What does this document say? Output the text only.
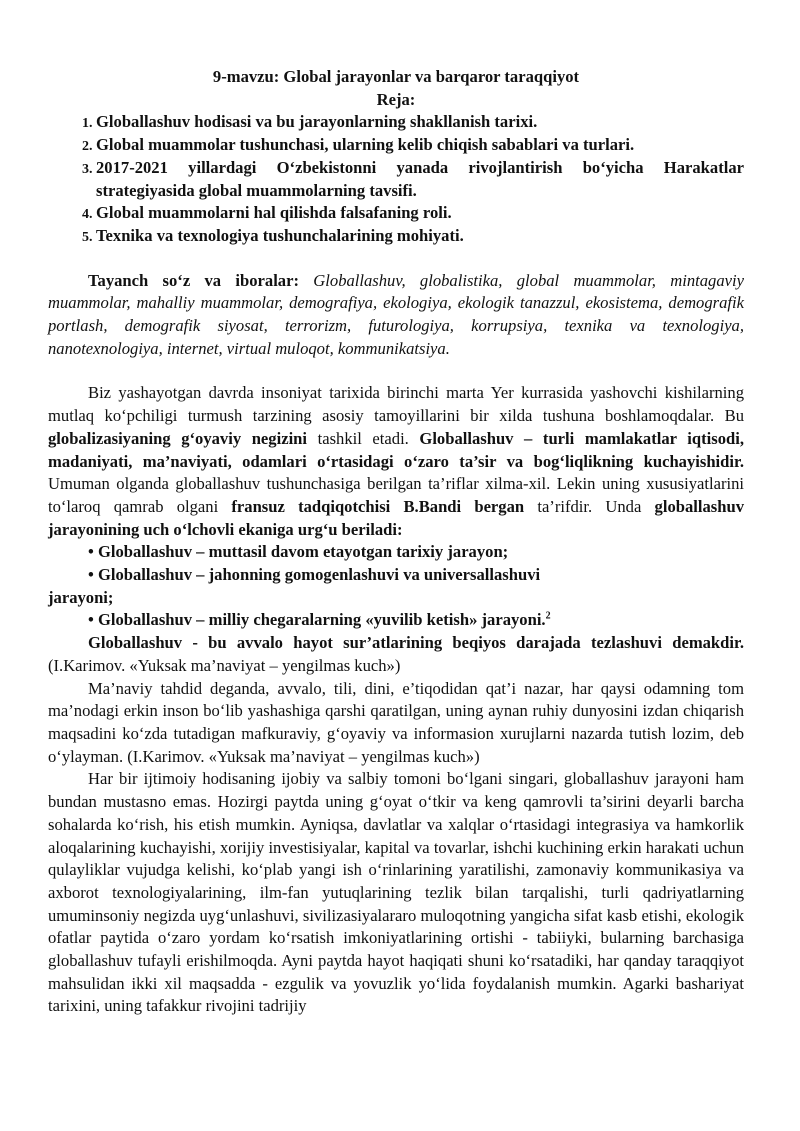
9-mavzu: Global jarayonlar va barqaror taraqqiyot

Reja:

1. Globallashuv hodisasi va bu jarayonlarning shakllanish tarixi.
2. Global muammolar tushunchasi, ularning kelib chiqish sabablari va turlari.
3. 2017-2021 yillardagi O‘zbekistonni yanada rivojlantirish bo‘yicha Harakatlar strategiyasida global muammolarning tavsifi.
4. Global muammolarni hal qilishda falsafaning roli.
5. Texnika va texnologiya tushunchalarining mohiyati.

Tayanch so‘z va iboralar: Globallashuv, globalistika, global muammolar, mintagaviy muammolar, mahalliy muammolar, demografiya, ekologiya, ekologik tanazzul, ekosistema, demografik portlash, demografik siyosat, terrorizm, futurologiya, korrupsiya, texnika va texnologiya, nanotexnologiya, internet, virtual muloqot, kommunikatsiya.

Biz yashayotgan davrda insoniyat tarixida birinchi marta Yer kurrasida yashovchi kishilarning mutlaq ko‘pchiligi turmush tarzining asosiy tamoyillarini bir xilda tushuna boshlamoqdalar. Bu globalizasiyaning g‘oyaviy negizini tashkil etadi. Globallashuv – turli mamlakatlar iqtisodi, madaniyati, ma’naviyati, odamlari o‘rtasidagi o‘zaro ta’sir va bog‘liqlikning kuchayishidir. Umuman olganda globallashuv tushunchasiga berilgan ta’riflar xilma-xil. Lekin uning xususiyatlarini to‘laroq qamrab olgani fransuz tadqiqotchisi B.Bandi bergan ta’rifdir. Unda globallashuv jarayonining uch o‘lchovli ekaniga urg‘u beriladi:

• Globallashuv – muttasil davom etayotgan tarixiy jarayon;

• Globallashuv – jahonning gomogenlashuvi va universallashuvi

jarayoni;

• Globallashuv – milliy chegaralarning «yuvilib ketish» jarayoni.$^2$

Globallashuv - bu avvalo hayot sur’atlarining beqiyos darajada tezlashuvi demakdir. (I.Karimov. «Yuksak ma’naviyat – yengilmas kuch»)

Ma’naviy tahdid deganda, avvalo, tili, dini, e’tiqodidan qat’i nazar, har qaysi odamning tom ma’nodagi erkin inson bo‘lib yashashiga qarshi qaratilgan, uning aynan ruhiy dunyosini izdan chiqarish maqsadini ko‘zda tutadigan mafkuraviy, g‘oyaviy va informasion xurujlarni nazarda tutish lozim, deb o‘ylayman. (I.Karimov. «Yuksak ma’naviyat – yengilmas kuch»)

Har bir ijtimoiy hodisaning ijobiy va salbiy tomoni bo‘lgani singari, globallashuv jarayoni ham bundan mustasno emas. Hozirgi paytda uning g‘oyat o‘tkir va keng qamrovli ta’sirini deyarli barcha sohalarda ko‘rish, his etish mumkin. Ayniqsa, davlatlar va xalqlar o‘rtasidagi integrasiya va hamkorlik aloqalarining kuchayishi, xorijiy investisiyalar, kapital va tovarlar, ishchi kuchining erkin harakati uchun qulayliklar vujudga kelishi, ko‘plab yangi ish o‘rinlarining yaratilishi, zamonaviy kommunikasiya va axborot texnologiyalarining, ilm-fan yutuqlarining tezlik bilan tarqalishi, turli qadriyatlarning umuminsoniy negizda uyg‘unlashuvi, sivilizasiyalararo muloqotning yangicha sifat kasb etishi, ekologik ofatlar paytida o‘zaro yordam ko‘rsatish imkoniyatlarining ortishi - tabiiyki, bularning barchasiga globallashuv tufayli erishilmoqda. Ayni paytda hayot haqiqati shuni ko‘rsatadiki, har qanday taraqqiyot mahsulidan ikki xil maqsadda - ezgulik va yovuzlik yo‘lida foydalanish mumkin. Agarki bashariyat tarixini, uning tafakkur rivojini tadrijiy
